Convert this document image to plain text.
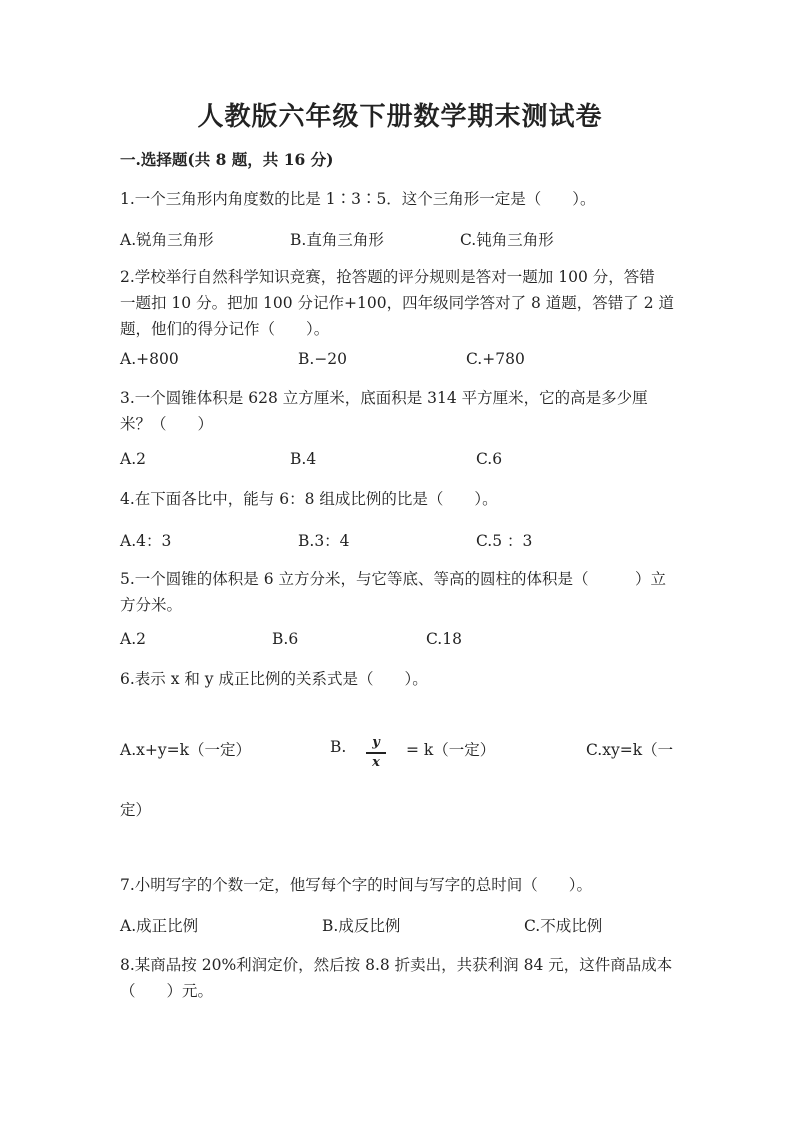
人教版六年级下册数学期末测试卷
一.选择题(共 8 题，共 16 分)
1.一个三角形内角度数的比是 1∶3∶5．这个三角形一定是（　　）。
A.锐角三角形	B.直角三角形	C.钝角三角形
2.学校举行自然科学知识竞赛，抢答题的评分规则是答对一题加 100 分，答错
一题扣 10 分。把加 100 分记作+100，四年级同学答对了 8 道题，答错了 2 道
题，他们的得分记作（　　）。
A.+800	B.−20	C.+780
3.一个圆锥体积是 628 立方厘米，底面积是 314 平方厘米，它的高是多少厘
米？（　　）
A.2	B.4	C.6
4.在下面各比中，能与 6：8 组成比例的比是（　　）。
A.4：3	B.3：4	C.5 ：3
5.一个圆锥的体积是 6 立方分米，与它等底、等高的圆柱的体积是（　　　）立
方分米。
A.2	B.6	C.18
6.表示 x 和 y 成正比例的关系式是（　　）。
A.x+y=k（一定）	B.	y
x
= k（一定）	C.xy=k（一
定）
7.小明写字的个数一定，他写每个字的时间与写字的总时间（　　）。
A.成正比例	B.成反比例	C.不成比例
8.某商品按 20%利润定价，然后按 8.8 折卖出，共获利润 84 元，这件商品成本
（　　）元。
